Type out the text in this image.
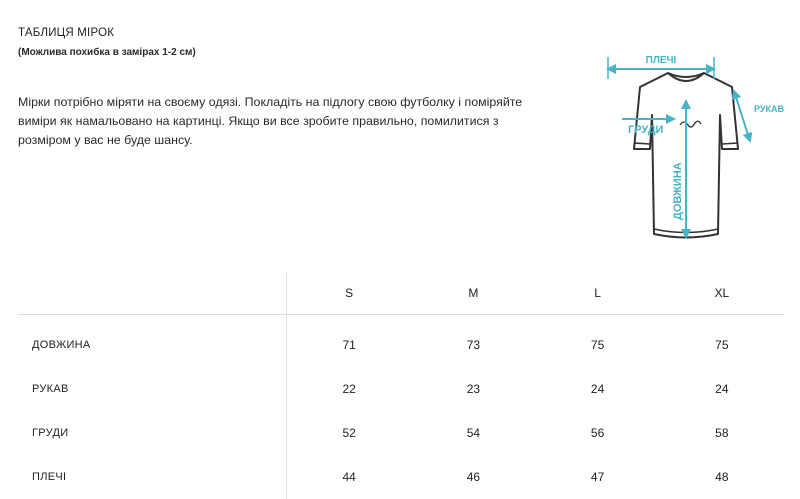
ТАБЛИЦЯ МІРОК
(Можлива похибка в замірах 1-2 см)
Мірки потрібно міряти на своєму одязі. Покладіть на підлогу свою футболку і поміряйте виміри як намальовано на картинці. Якщо ви все зробите правильно, помилитися з розміром у вас не буде шансу.
ПЛЕЧІ
РУКАВ
ГРУДИ
ДОВЖИНА
	S	M	L	XL
ДОВЖИНА	71	73	75	75
РУКАВ	22	23	24	24
ГРУДИ	52	54	56	58
ПЛЕЧІ	44	46	47	48
